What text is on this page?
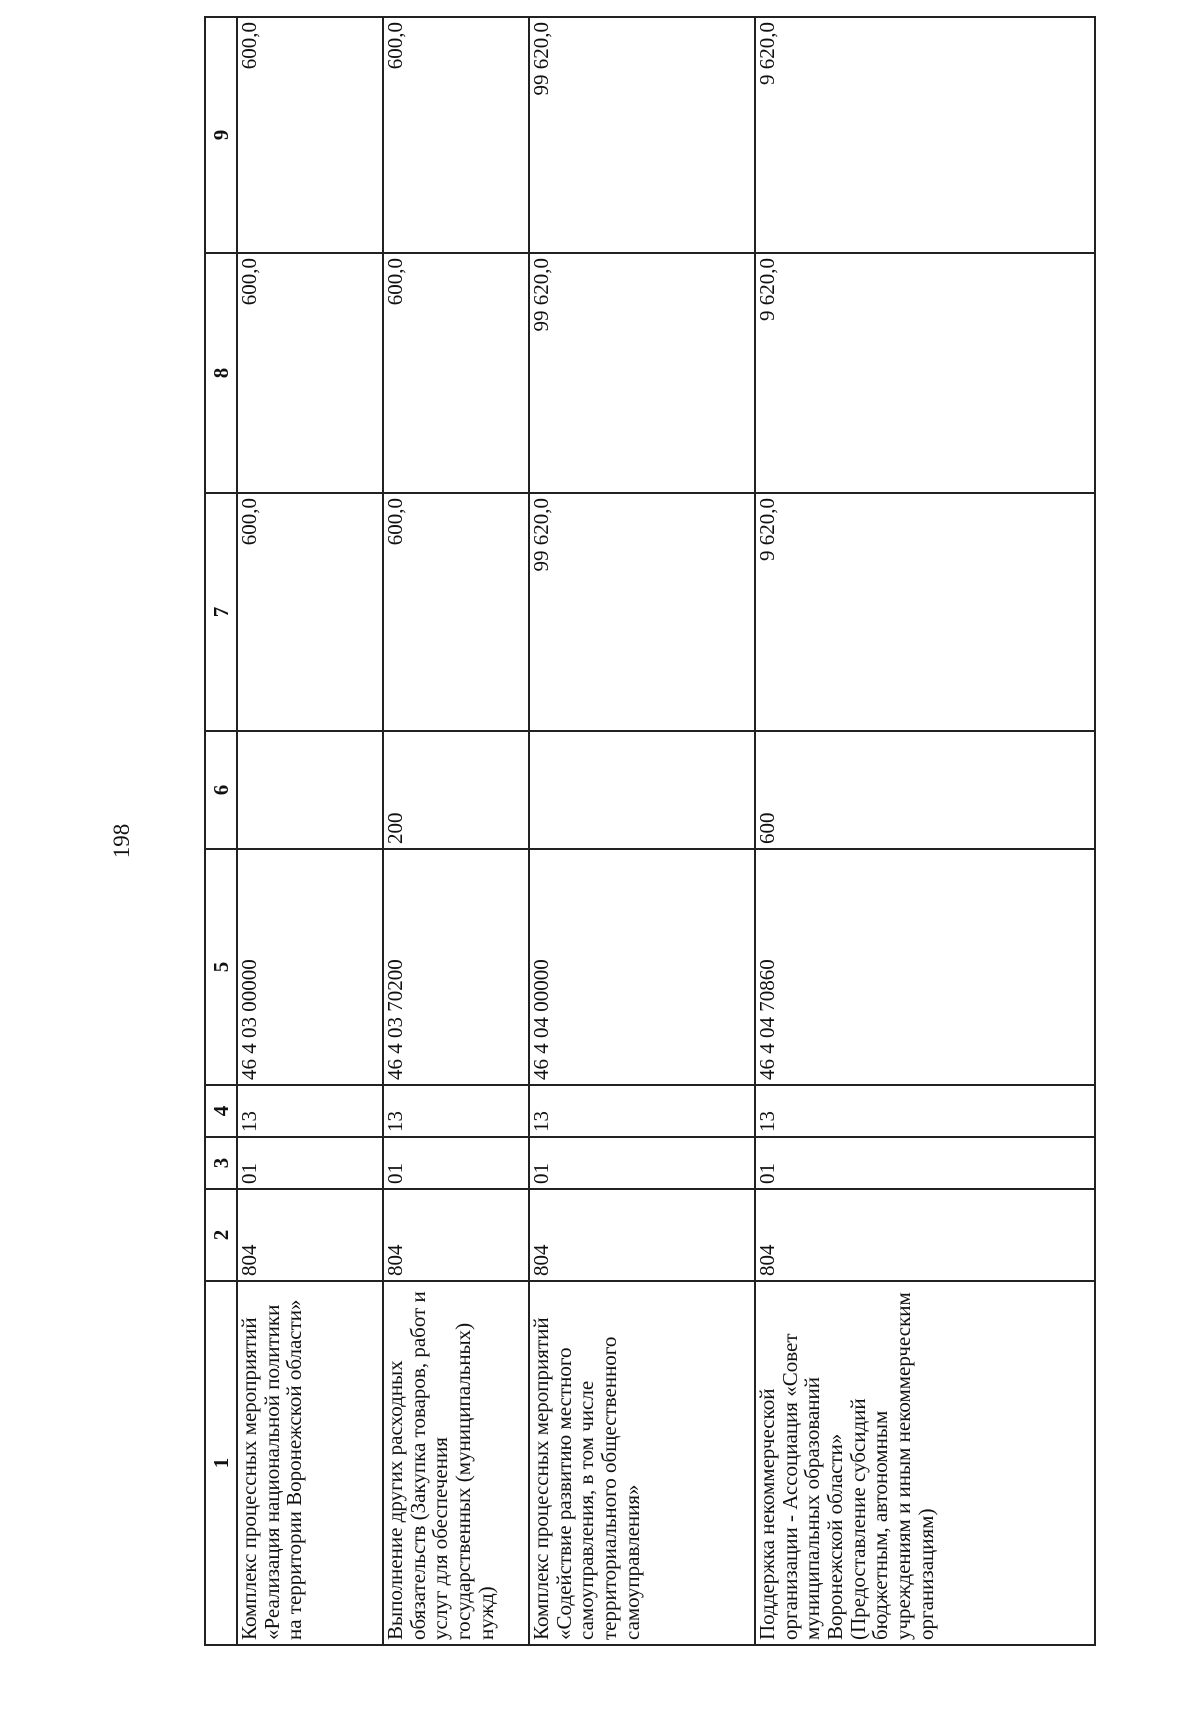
198
1	2	3	4	5	6	7	8	9
Комплекс процессных мероприятий «Реализация национальной политики на территории Воронежской области»	804	01	13	46 4 03 00000		600,0	600,0	600,0
Выполнение других расходных обязательств (Закупка товаров, работ и услуг для обеспечения государственных (муниципальных) нужд)	804	01	13	46 4 03 70200	200	600,0	600,0	600,0
Комплекс процессных мероприятий «Содействие развитию местного самоуправления, в том числе территориального общественного самоуправления»	804	01	13	46 4 04 00000		99 620,0	99 620,0	99 620,0
Поддержка некоммерческой организации - Ассоциация «Совет муниципальных образований Воронежской области» (Предоставление субсидий бюджетным, автономным учреждениям и иным некоммерческим организациям)	804	01	13	46 4 04 70860	600	9 620,0	9 620,0	9 620,0
